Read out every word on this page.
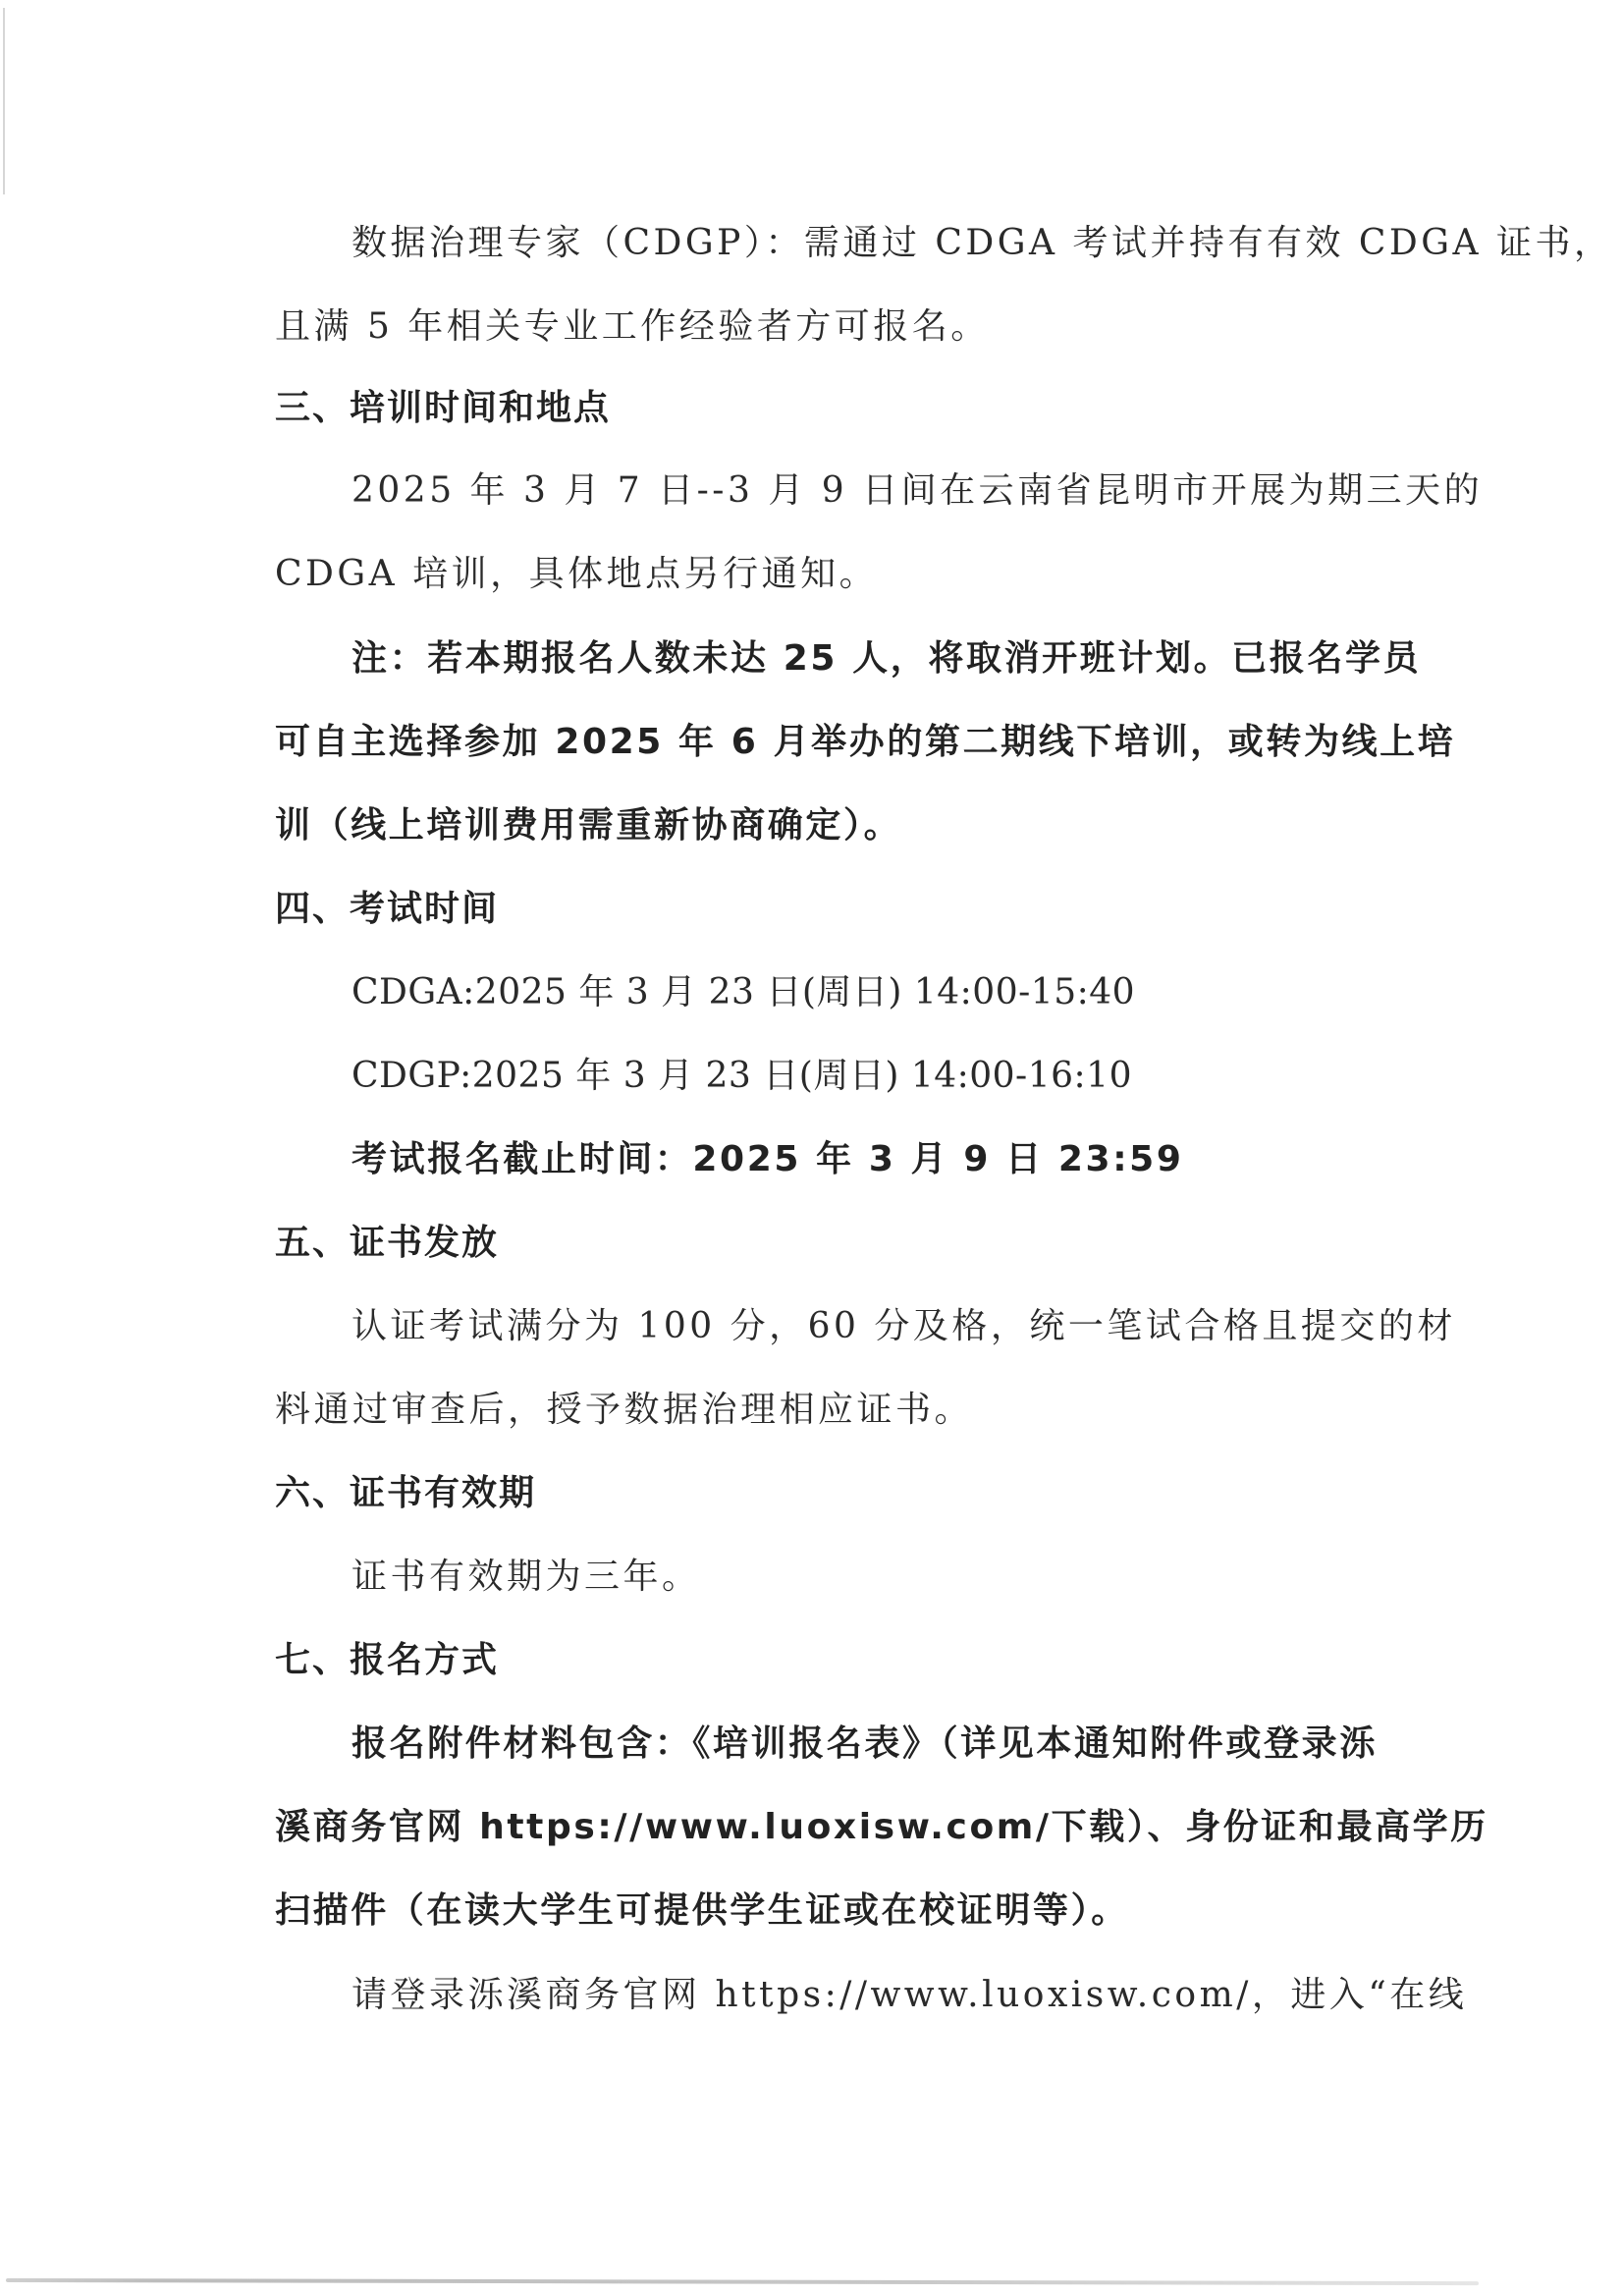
数据治理专家（CDGP）：需通过 CDGA 考试并持有有效 CDGA 证书，
且满 5 年相关专业工作经验者方可报名。
三、培训时间和地点
2025 年 3 月 7 日--3 月 9 日间在云南省昆明市开展为期三天的
CDGA 培训，具体地点另行通知。
注：若本期报名人数未达 25 人，将取消开班计划。已报名学员
可自主选择参加 2025 年 6 月举办的第二期线下培训，或转为线上培
训（线上培训费用需重新协商确定）。
四、考试时间
CDGA:2025 年 3 月 23 日(周日) 14:00-15:40
CDGP:2025 年 3 月 23 日(周日) 14:00-16:10
考试报名截止时间：2025 年 3 月 9 日 23:59
五、证书发放
认证考试满分为 100 分，60 分及格，统一笔试合格且提交的材
料通过审查后，授予数据治理相应证书。
六、证书有效期
证书有效期为三年。
七、报名方式
报名附件材料包含：《培训报名表》（详见本通知附件或登录泺
溪商务官网 https://www.luoxisw.com/下载）、身份证和最高学历
扫描件（在读大学生可提供学生证或在校证明等）。
请登录泺溪商务官网 https://www.luoxisw.com/，进入“在线
